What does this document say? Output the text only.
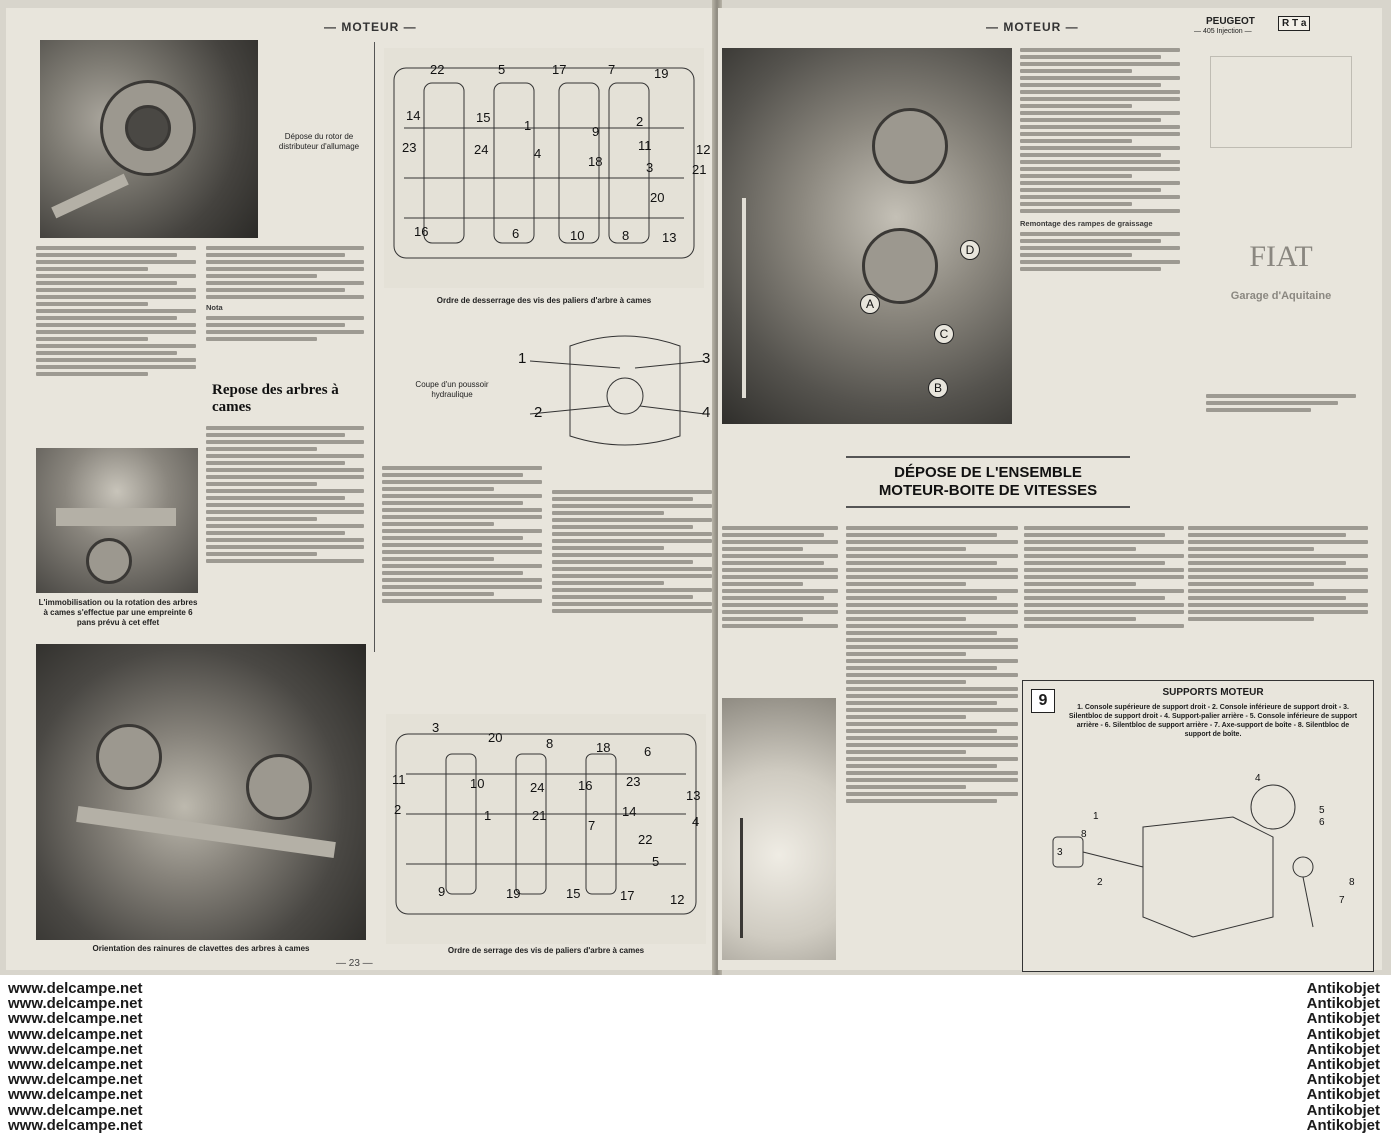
— MOTEUR —
Dépose du rotor de distributeur d'allumage

Nota

Repose des arbres à cames
L'immobilisation ou la rotation des arbres à cames s'effectue par une empreinte 6 pans prévu à cet effet
Orientation des rainures de clavettes des arbres à cames
— 23 —
22	5	17	7	19
14	15
1	9
2
23	24	4
18
11	12
3	21
20
16	6	10	8	13
Ordre de desserrage des vis des paliers d'arbre à cames
Coupe d'un poussoir hydraulique
1	3
2	4
3
20	8	18	6
11	10	24	16	23
13
2	1	21
7
14
4
22
5
9	19	15	17	12
Ordre de serrage des vis de paliers d'arbre à cames
— MOTEUR —	PEUGEOT
— 405 Injection —
R T a
D
A
C
B

Remontage des rampes de graissage

FIAT
Garage d'Aquitaine
DÉPOSE DE L'ENSEMBLE
MOTEUR-BOITE DE VITESSES
9	SUPPORTS MOTEUR
1. Console supérieure de support droit - 2. Console inférieure de support droit - 3. Silentbloc de support droit - 4. Support-palier arrière - 5. Console inférieure de support arrière - 6. Silentbloc de support arrière - 7. Axe-support de boîte - 8. Silentbloc de support de boîte.
4
5
6
8
7
1
8
3
2
www.delcampe.net	Antikobjet
www.delcampe.net	Antikobjet
www.delcampe.net	Antikobjet
www.delcampe.net	Antikobjet
www.delcampe.net	Antikobjet
www.delcampe.net	Antikobjet
www.delcampe.net	Antikobjet
www.delcampe.net	Antikobjet
www.delcampe.net	Antikobjet
www.delcampe.net	Antikobjet
